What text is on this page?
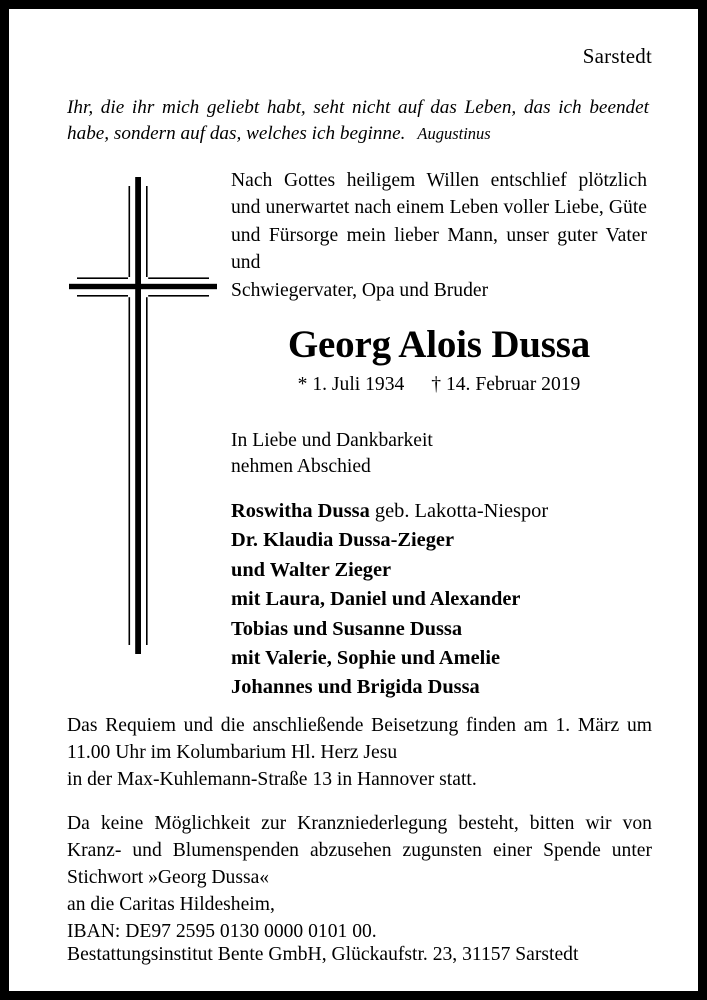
Sarstedt
Ihr, die ihr mich geliebt habt, seht nicht auf das Leben, das ich beendet habe, sondern auf das, welches ich beginne. Augustinus

Nach Gottes heiligem Willen entschlief plötzlich und unerwartet nach einem Leben voller Liebe, Güte und Fürsorge mein lieber Mann, unser guter Vater und
Schwiegervater, Opa und Bruder

Georg Alois Dussa
* 1. Juli 1934 † 14. Februar 2019
In Liebe und Dankbarkeit
nehmen Abschied
Roswitha Dussa geb. Lakotta-Niespor
Dr. Klaudia Dussa-Zieger
und Walter Zieger
mit Laura, Daniel und Alexander
Tobias und Susanne Dussa
mit Valerie, Sophie und Amelie
Johannes und Brigida Dussa

Das Requiem und die anschließende Beisetzung finden am 1. März um 11.00 Uhr im Kolumbarium Hl. Herz Jesu
in der Max-Kuhlemann-Straße 13 in Hannover statt.

Da keine Möglichkeit zur Kranzniederlegung besteht, bitten wir von Kranz- und Blumenspenden abzusehen zugunsten einer Spende unter Stichwort »Georg Dussa«
an die Caritas Hildesheim,
IBAN: DE97 2595 0130 0000 0101 00.

Bestattungsinstitut Bente GmbH, Glückaufstr. 23, 31157 Sarstedt
